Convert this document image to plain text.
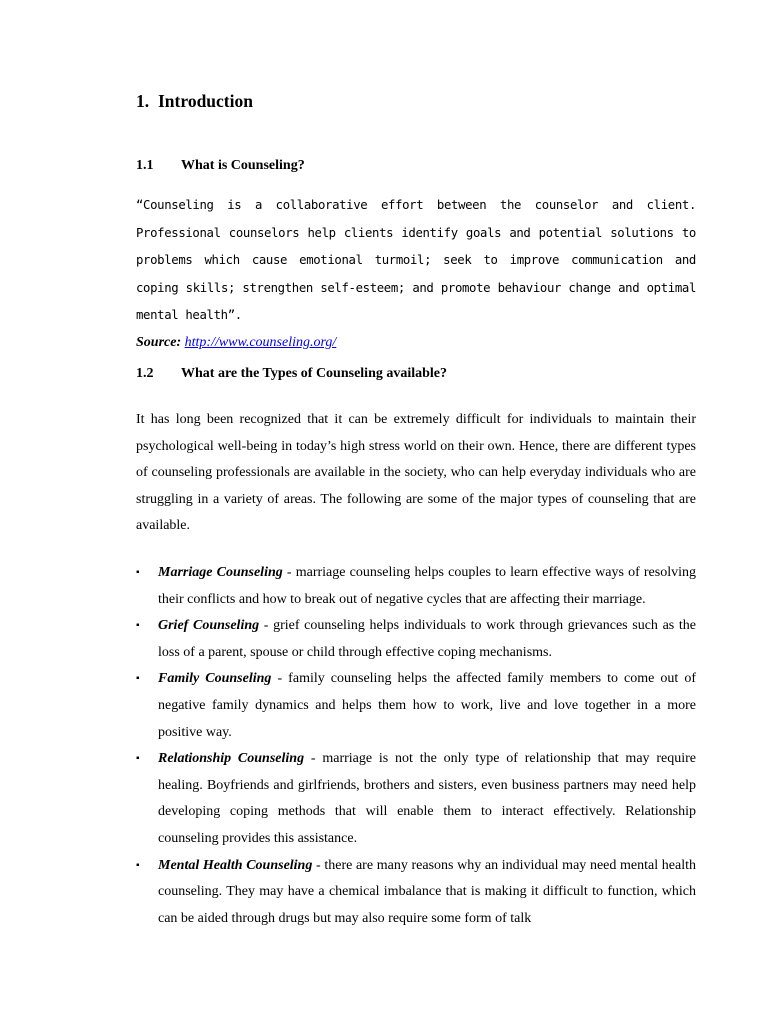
1. Introduction
1.1 What is Counseling?
“Counseling is a collaborative effort between the counselor and client. Professional counselors help clients identify goals and potential solutions to problems which cause emotional turmoil; seek to improve communication and coping skills; strengthen self-esteem; and promote behaviour change and optimal mental health”.
Source: http://www.counseling.org/
1.2 What are the Types of Counseling available?
It has long been recognized that it can be extremely difficult for individuals to maintain their psychological well-being in today’s high stress world on their own. Hence, there are different types of counseling professionals are available in the society, who can help everyday individuals who are struggling in a variety of areas. The following are some of the major types of counseling that are available.
▪ Marriage Counseling - marriage counseling helps couples to learn effective ways of resolving their conflicts and how to break out of negative cycles that are affecting their marriage.
▪ Grief Counseling - grief counseling helps individuals to work through grievances such as the loss of a parent, spouse or child through effective coping mechanisms.
▪ Family Counseling - family counseling helps the affected family members to come out of negative family dynamics and helps them how to work, live and love together in a more positive way.
▪ Relationship Counseling - marriage is not the only type of relationship that may require healing. Boyfriends and girlfriends, brothers and sisters, even business partners may need help developing coping methods that will enable them to interact effectively. Relationship counseling provides this assistance.
▪ Mental Health Counseling - there are many reasons why an individual may need mental health counseling. They may have a chemical imbalance that is making it difficult to function, which can be aided through drugs but may also require some form of talk
